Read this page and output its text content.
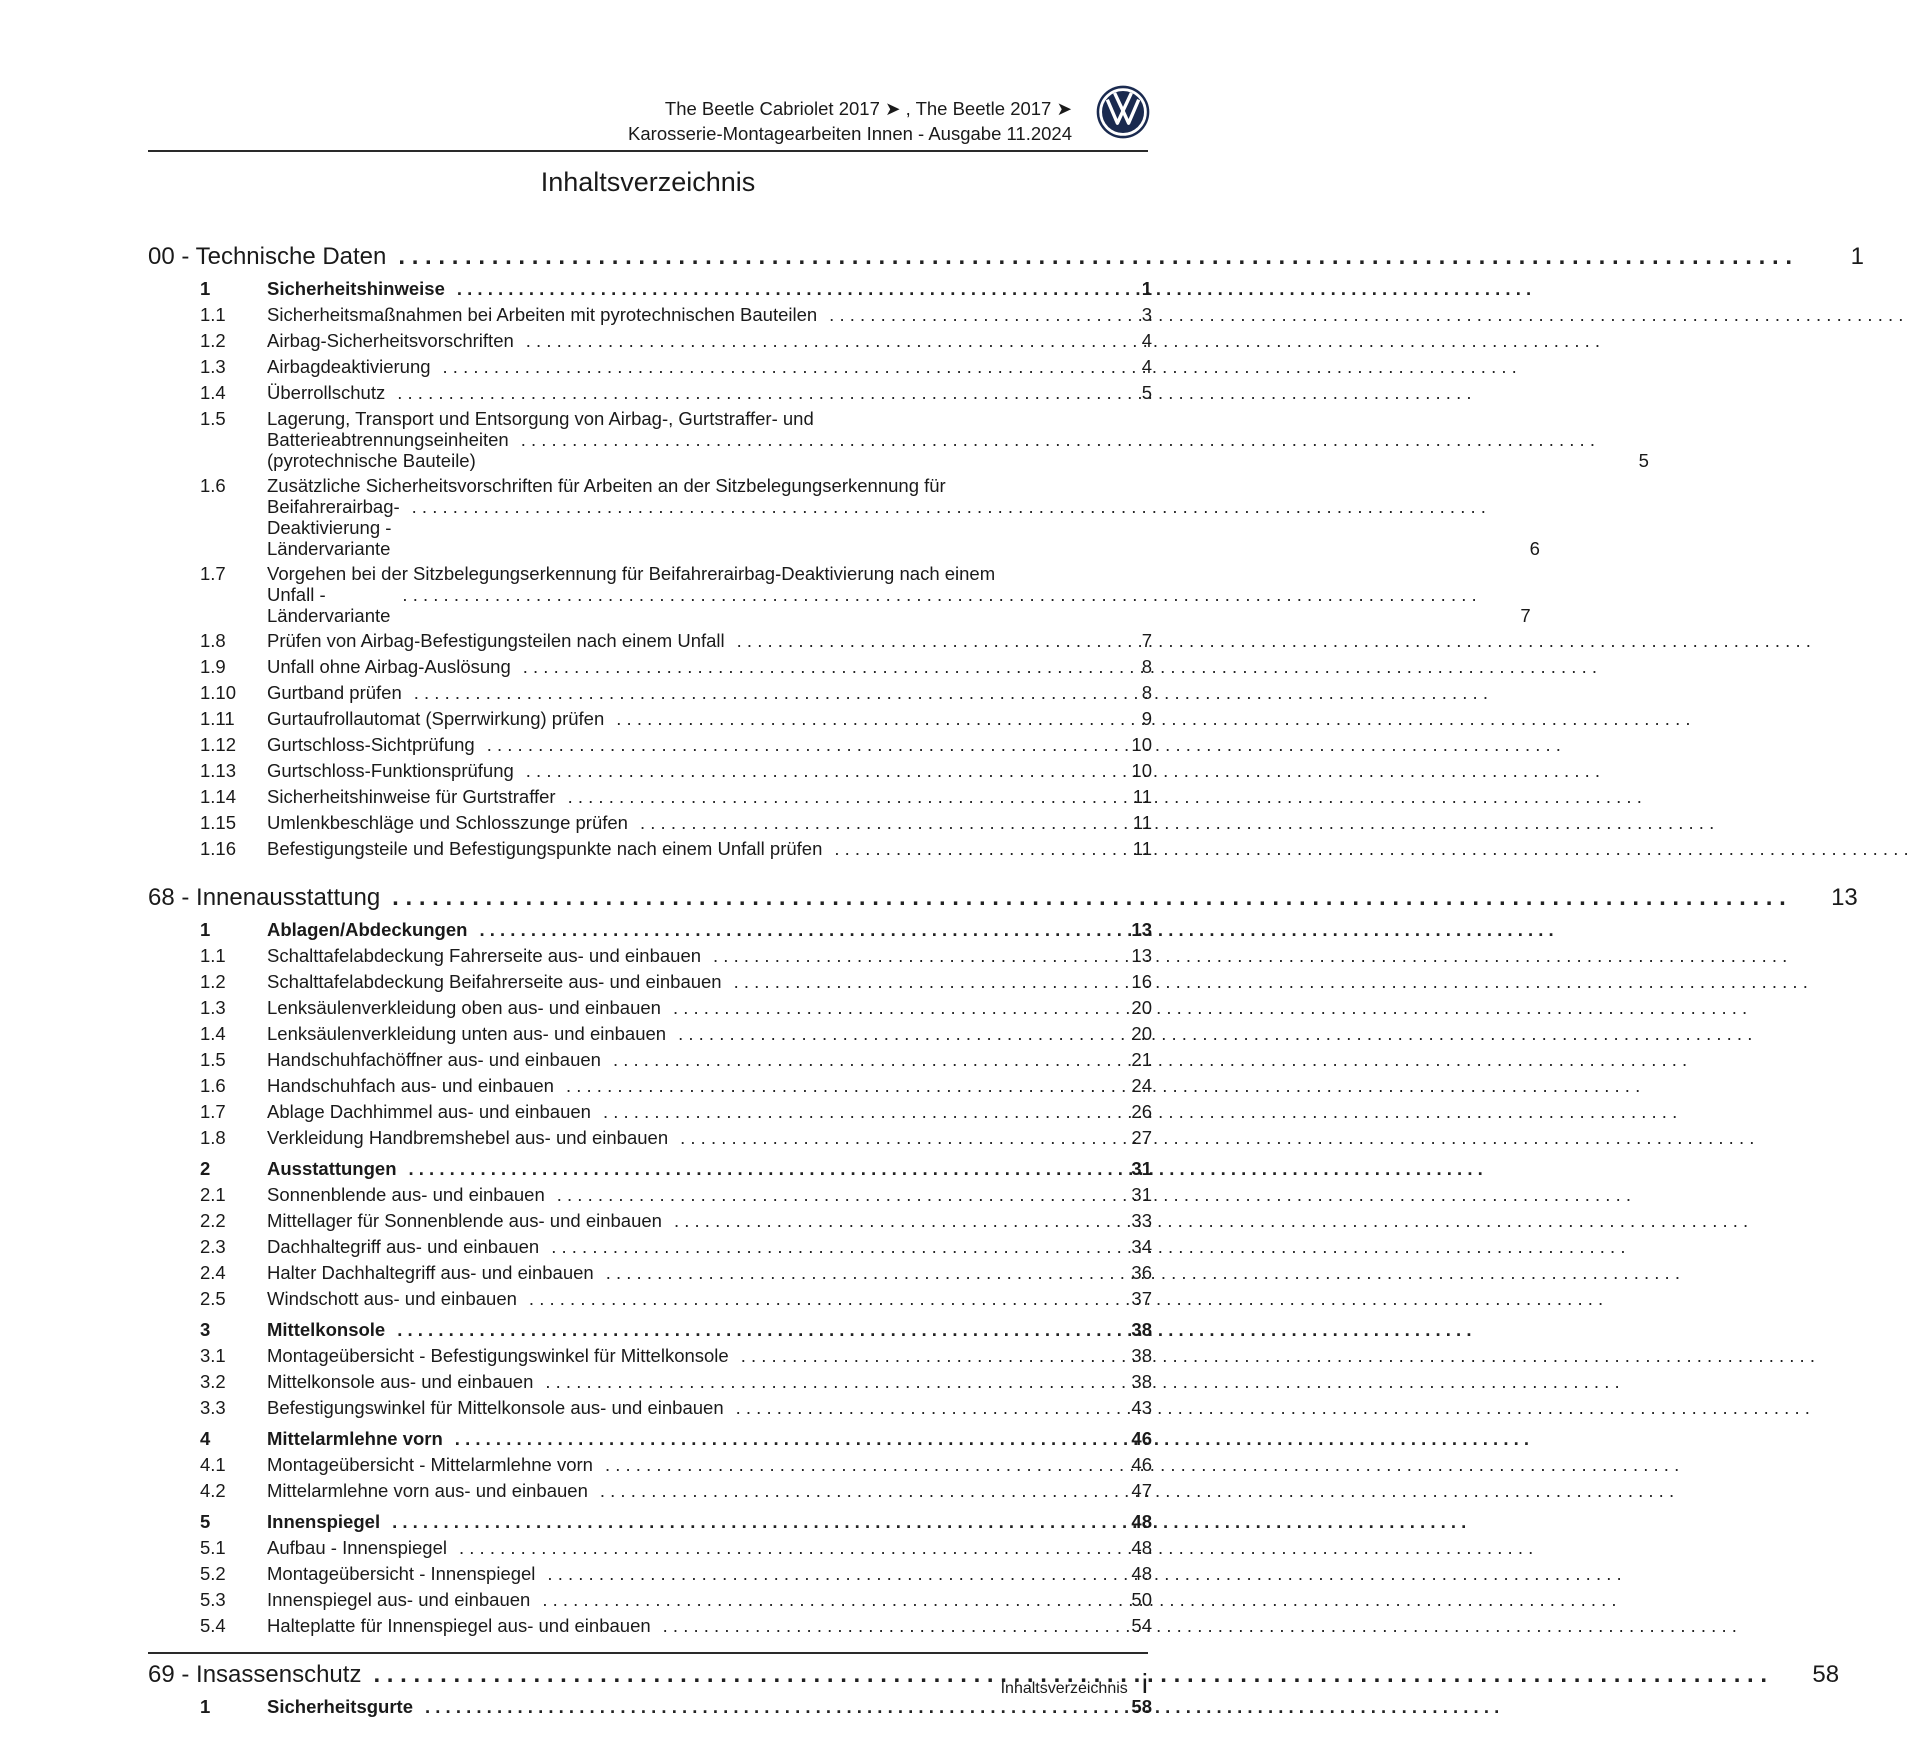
The Beetle Cabriolet 2017 ➤ , The Beetle 2017 ➤
Karosserie-Montagearbeiten Innen - Ausgabe 11.2024
Inhaltsverzeichnis
00 - Technische Daten . . .	1
1	Sicherheitshinweise . . .	1
1.1	Sicherheitsmaßnahmen bei Arbeiten mit pyrotechnischen Bauteilen . . .	3
1.2	Airbag-Sicherheitsvorschriften . . .	4
1.3	Airbagdeaktivierung . . .	4
1.4	Überrollschutz . . .	5
1.5	Lagerung, Transport und Entsorgung von Airbag-, Gurtstraffer- und
Batterieabtrennungseinheiten (pyrotechnische Bauteile)
. . .	5
1.6	Zusätzliche Sicherheitsvorschriften für Arbeiten an der Sitzbelegungserkennung für
Beifahrerairbag-Deaktivierung - Ländervariante
. . .	6
1.7	Vorgehen bei der Sitzbelegungserkennung für Beifahrerairbag-Deaktivierung nach einem
Unfall - Ländervariante
. . .	7
1.8	Prüfen von Airbag-Befestigungsteilen nach einem Unfall . . .	7
1.9	Unfall ohne Airbag-Auslösung . . .	8
1.10	Gurtband prüfen . . .	8
1.11	Gurtaufrollautomat (Sperrwirkung) prüfen . . .	9
1.12	Gurtschloss-Sichtprüfung . . .	10
1.13	Gurtschloss-Funktionsprüfung . . .	10
1.14	Sicherheitshinweise für Gurtstraffer . . .	11
1.15	Umlenkbeschläge und Schlosszunge prüfen . . .	11
1.16	Befestigungsteile und Befestigungspunkte nach einem Unfall prüfen . . .	11
68 - Innenausstattung . . .	13
1	Ablagen/Abdeckungen . . .	13
1.1	Schalttafelabdeckung Fahrerseite aus- und einbauen . . .	13
1.2	Schalttafelabdeckung Beifahrerseite aus- und einbauen . . .	16
1.3	Lenksäulenverkleidung oben aus- und einbauen . . .	20
1.4	Lenksäulenverkleidung unten aus- und einbauen . . .	20
1.5	Handschuhfachöffner aus- und einbauen . . .	21
1.6	Handschuhfach aus- und einbauen . . .	24
1.7	Ablage Dachhimmel aus- und einbauen . . .	26
1.8	Verkleidung Handbremshebel aus- und einbauen . . .	27
2	Ausstattungen . . .	31
2.1	Sonnenblende aus- und einbauen . . .	31
2.2	Mittellager für Sonnenblende aus- und einbauen . . .	33
2.3	Dachhaltegriff aus- und einbauen . . .	34
2.4	Halter Dachhaltegriff aus- und einbauen . . .	36
2.5	Windschott aus- und einbauen . . .	37
3	Mittelkonsole . . .	38
3.1	Montageübersicht - Befestigungswinkel für Mittelkonsole . . .	38
3.2	Mittelkonsole aus- und einbauen . . .	38
3.3	Befestigungswinkel für Mittelkonsole aus- und einbauen . . .	43
4	Mittelarmlehne vorn . . .	46
4.1	Montageübersicht - Mittelarmlehne vorn . . .	46
4.2	Mittelarmlehne vorn aus- und einbauen . . .	47
5	Innenspiegel . . .	48
5.1	Aufbau - Innenspiegel . . .	48
5.2	Montageübersicht - Innenspiegel . . .	48
5.3	Innenspiegel aus- und einbauen . . .	50
5.4	Halteplatte für Innenspiegel aus- und einbauen . . .	54
69 - Insassenschutz . . .	58
1	Sicherheitsgurte . . .	58
Inhaltsverzeichnis i
